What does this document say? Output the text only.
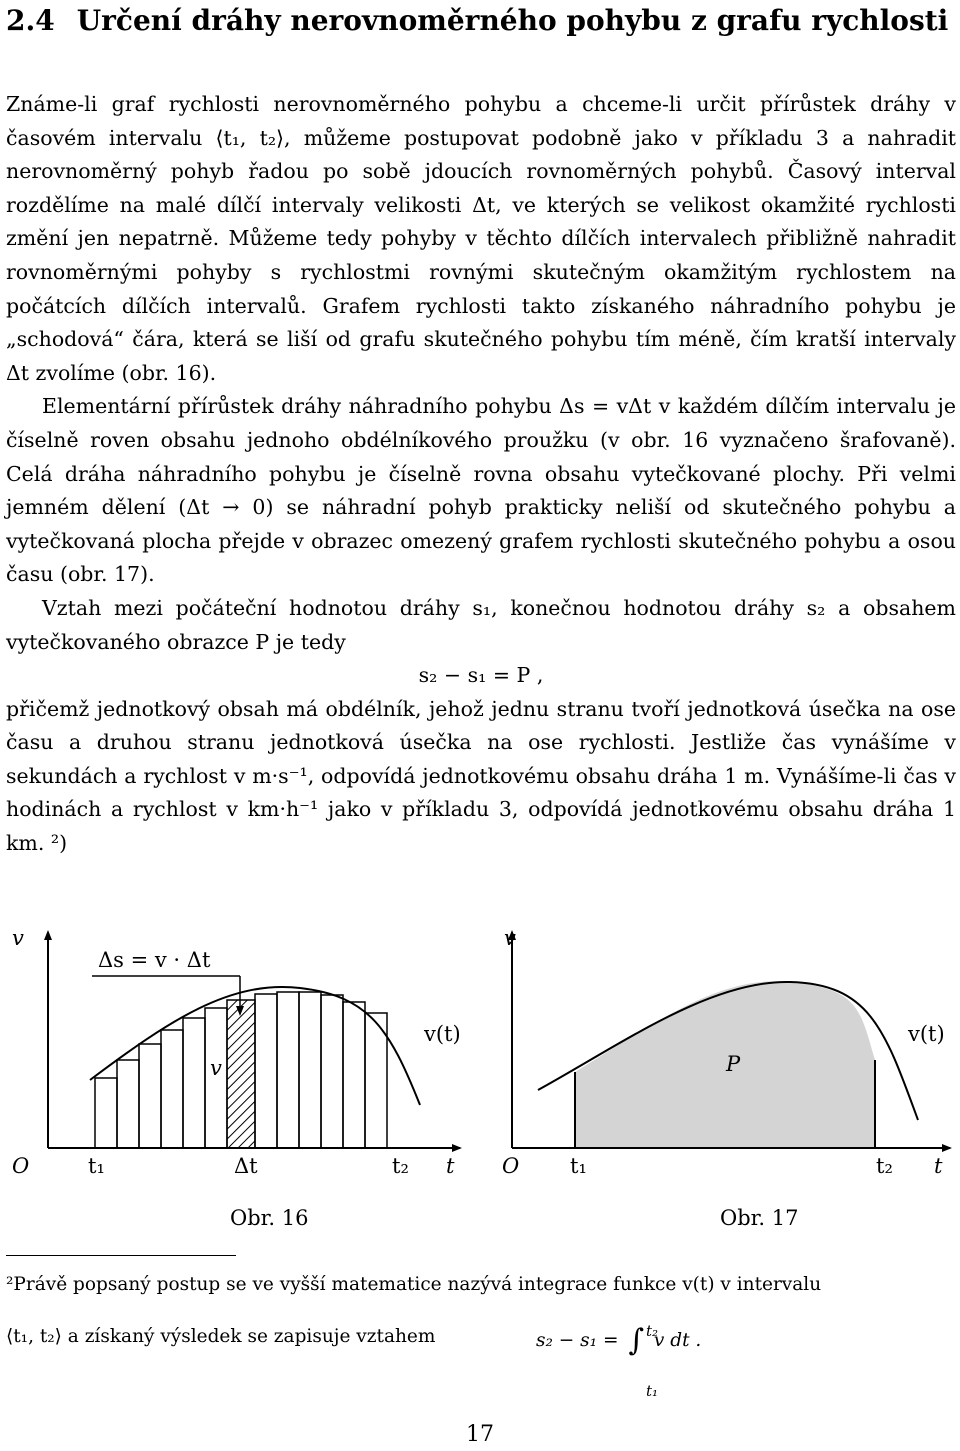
2.4 Určení dráhy nerovnoměrného pohybu z grafu rychlosti

Známe-li graf rychlosti nerovnoměrného pohybu a chceme-li určit přírůstek dráhy v časovém intervalu ⟨t₁, t₂⟩, můžeme postupovat podobně jako v příkladu 3 a nahradit nerovnoměrný pohyb řadou po sobě jdoucích rovnoměrných pohybů. Časový interval rozdělíme na malé dílčí intervaly velikosti Δt, ve kterých se velikost okamžité rychlosti změní jen nepatrně. Můžeme tedy pohyby v těchto dílčích intervalech přibližně nahradit rovnoměrnými pohyby s rychlostmi rovnými skutečným okamžitým rychlostem na počátcích dílčích intervalů. Grafem rychlosti takto získaného náhradního pohybu je „schodová“ čára, která se liší od grafu skutečného pohybu tím méně, čím kratší intervaly Δt zvolíme (obr. 16).

Elementární přírůstek dráhy náhradního pohybu Δs = vΔt v každém dílčím intervalu je číselně roven obsahu jednoho obdélníkového proužku (v obr. 16 vyznačeno šrafovaně). Celá dráha náhradního pohybu je číselně rovna obsahu vytečkované plochy. Při velmi jemném dělení (Δt → 0) se náhradní pohyb prakticky neliší od skutečného pohybu a vytečkovaná plocha přejde v obrazec omezený grafem rychlosti skutečného pohybu a osou času (obr. 17).

Vztah mezi počáteční hodnotou dráhy s₁, konečnou hodnotou dráhy s₂ a obsahem vytečkovaného obrazce P je tedy

s₂ − s₁ = P ,

přičemž jednotkový obsah má obdélník, jehož jednu stranu tvoří jednotková úsečka na ose času a druhou stranu jednotková úsečka na ose rychlosti. Jestliže čas vynášíme v sekundách a rychlost v m·s⁻¹, odpovídá jednotkovému obsahu dráha 1 m. Vynášíme-li čas v hodinách a rychlost v km·h⁻¹ jako v příkladu 3, odpovídá jednotkovému obsahu dráha 1 km. ²)

v
Δs = v · Δt
v(t)
v
O	t₁	Δt	t₂ t
Obr. 16
v
v(t)
P
O t₁	t₂ t
Obr. 17

²Právě popsaný postup se ve vyšší matematice nazývá integrace funkce v(t) v intervalu

⟨t₁, t₂⟩ a získaný výsledek se zapisuje vztahem	s₂ − s₁ = ∫ v dt .
t₂
t₁
17
